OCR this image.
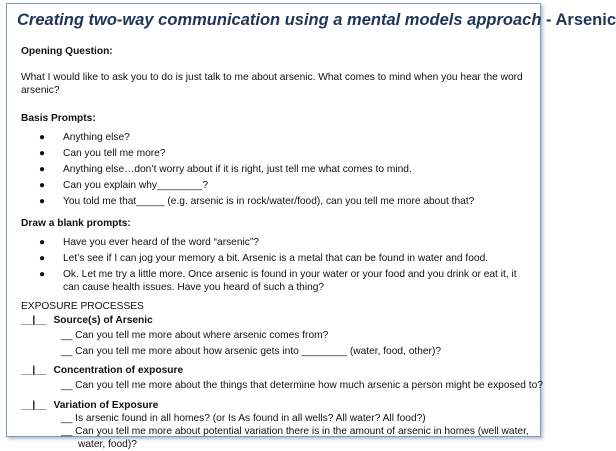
Creating two-way communication using a mental models approach - Arsenic
Opening Question:
What I would like to ask you to do is just talk to me about arsenic. What comes to mind when you hear the word arsenic?
Basis Prompts:
● Anything else?
● Can you tell me more?
● Anything else…don’t worry about if it is right, just tell me what comes to mind.
● Can you explain why________?
● You told me that_____ (e.g. arsenic is in rock/water/food), can you tell me more about that?
Draw a blank prompts:
● Have you ever heard of the word “arsenic”?
● Let’s see if I can jog your memory a bit. Arsenic is a metal that can be found in water and food.
● Ok. Let me try a little more. Once arsenic is found in your water or your food and you drink or eat it, it can cause health issues. Have you heard of such a thing?
EXPOSURE PROCESSES
__|__ Source(s) of Arsenic
__ Can you tell me more about where arsenic comes from?
__ Can you tell me more about how arsenic gets into ________ (water, food, other)?
__|__ Concentration of exposure
__ Can you tell me more about the things that determine how much arsenic a person might be exposed to?
__|__ Variation of Exposure
__ Is arsenic found in all homes? (or Is As found in all wells? All water? All food?)
__ Can you tell me more about potential variation there is in the amount of arsenic in homes (well water, water, food)?
